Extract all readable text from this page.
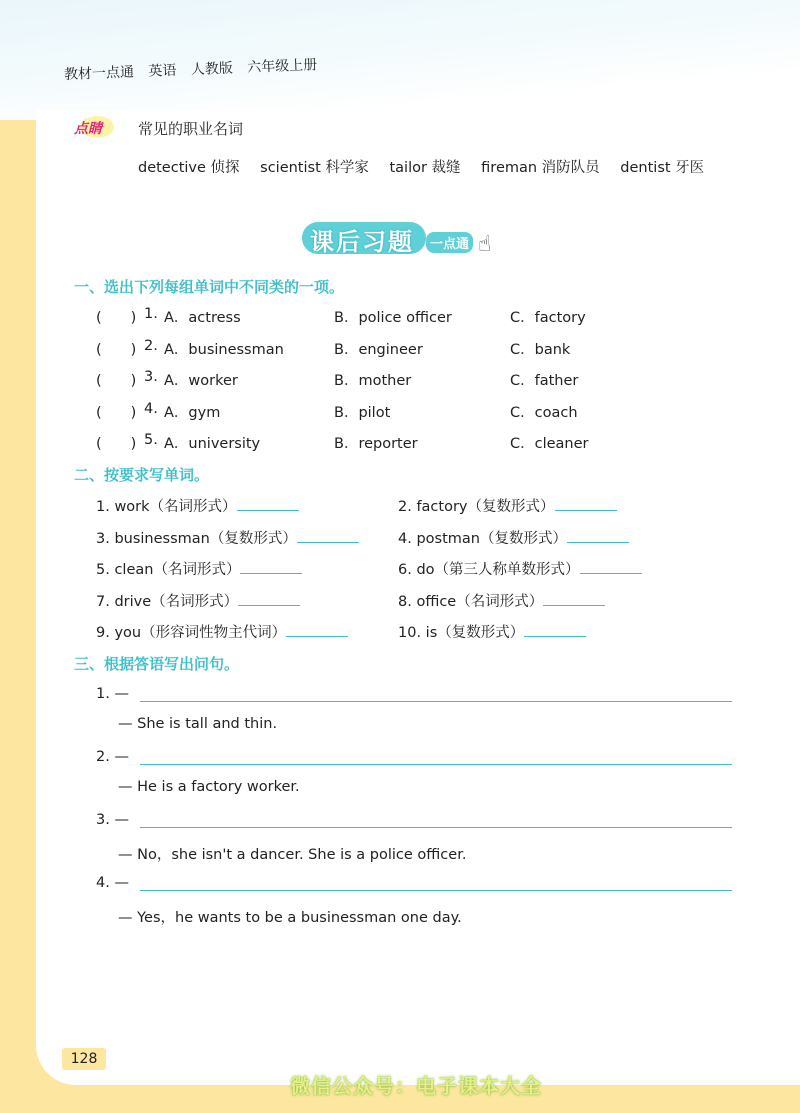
教材一点通 英语 人教版 六年级上册
点睛 常见的职业名词
detective 侦探 scientist 科学家 tailor 裁缝 fireman 消防队员 dentist 牙医
课后习题	一点通 ☝
一、选出下列每组单词中不同类的一项。
(　　) 1. A．actress	B．police officer	C．factory
(　　) 2. A．businessman	B．engineer	C．bank
(　　) 3. A．worker	B．mother	C．father
(　　) 4. A．gym	B．pilot	C．coach
(　　) 5. A．university	B．reporter	C．cleaner
二、按要求写单词。
1. work（名词形式）	2. factory（复数形式）
3. businessman（复数形式）	4. postman（复数形式）
5. clean（名词形式）	6. do（第三人称单数形式）
7. drive（名词形式）	8. office（名词形式）
9. you（形容词性物主代词）	10. is（复数形式）
三、根据答语写出问句。
1. —
— She is tall and thin.
2. —
— He is a factory worker.
3. —
— No，she isn't a dancer. She is a police officer.
4. —
— Yes，he wants to be a businessman one day.
128
微信公众号：电子课本大全
